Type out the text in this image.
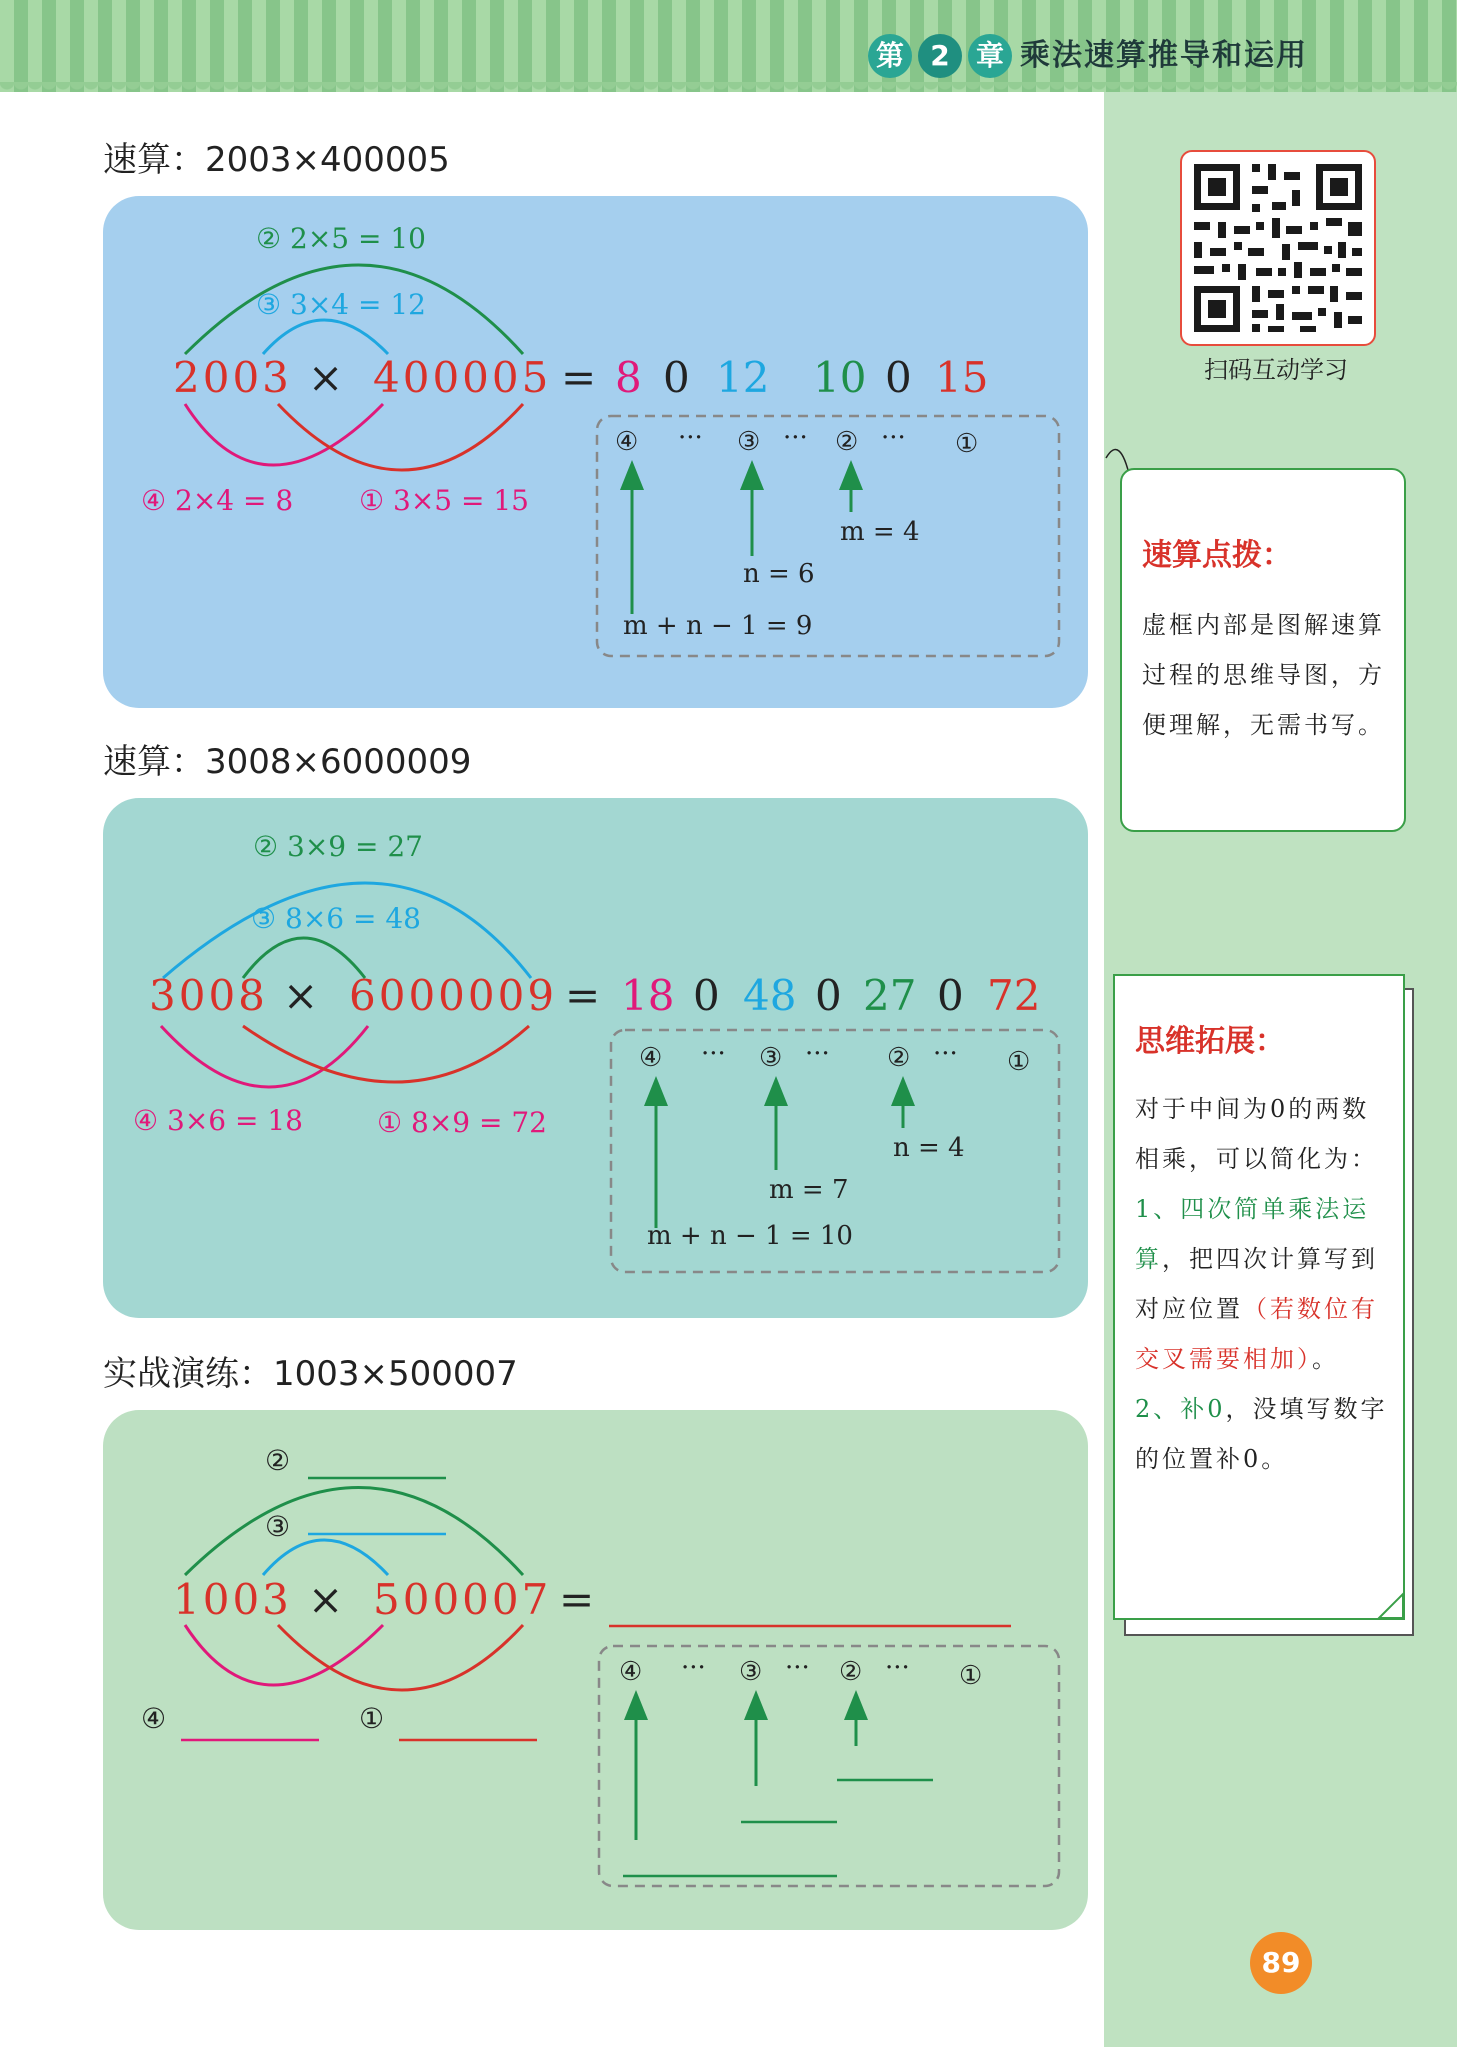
第 2 章 乘法速算推导和运用
速算：2003×400005
② 2×5 = 10
③ 3×4 = 12
④ 2×4 = 8 ① 3×5 = 15
2003 × 400005 = 8 0 12 10 0 15
④ ··· ③ ··· ② ··· ①
m = 4
n = 6
m + n − 1 = 9
速算：3008×6000009
② 3×9 = 27
③ 8×6 = 48
④ 3×6 = 18	① 8×9 = 72
3008 × 6000009 = 18 0 48 0 27 0 72
④ ··· ③ ··· ② ··· ①
n = 4
m = 7
m + n − 1 = 10
实战演练：1003×500007
②
③
④	①
1003 × 500007 =
④ ··· ③ ··· ② ··· ①
扫码互动学习
速算点拨：
虚框内部是图解速算过程的思维导图，方便理解，无需书写。
思维拓展：
对于中间为0的两数相乘，可以简化为：
1、四次简单乘法运算，把四次计算写到对应位置（若数位有交叉需要相加）。
2、补0，没填写数字的位置补0。
89
